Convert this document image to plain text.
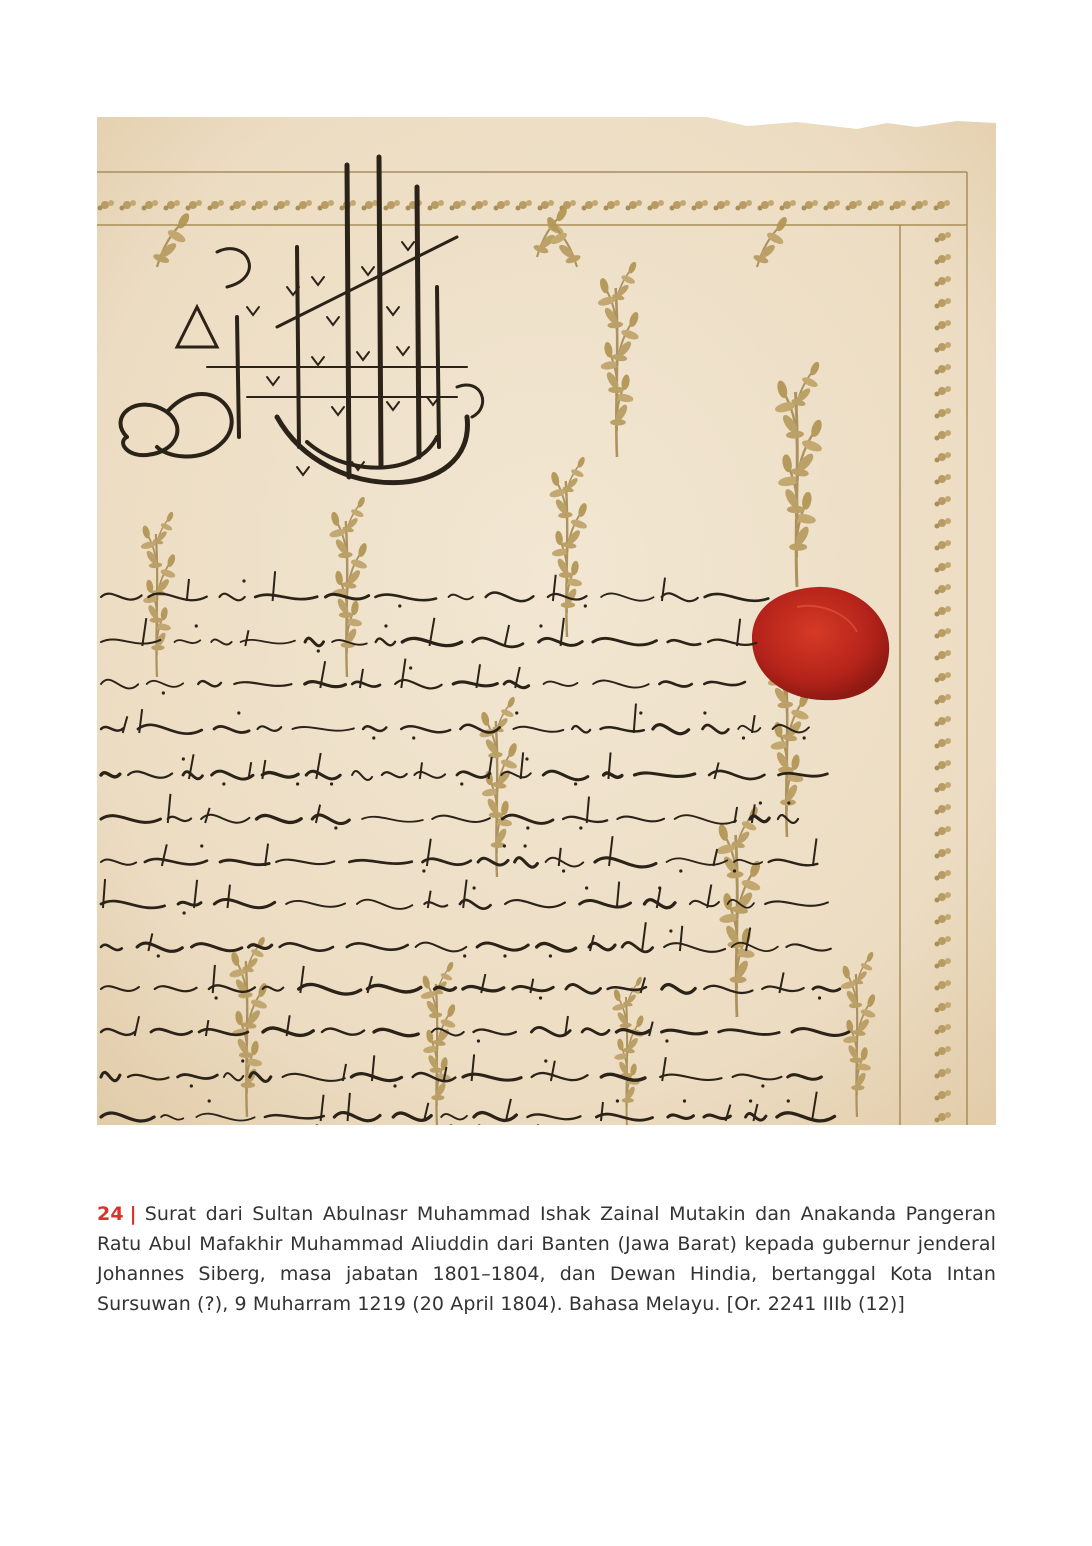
24 | Surat dari Sultan Abulnasr Muhammad Ishak Zainal Mutakin dan Anakanda Pangeran Ratu Abul Mafakhir Muhammad Aliuddin dari Banten (Jawa Barat) kepada gubernur jenderal Johannes Siberg, masa jabatan 1801–1804, dan Dewan Hindia, bertanggal Kota Intan Sursuwan (?), 9 Muharram 1219 (20 April 1804). Bahasa Melayu. [Or. 2241 IIIb (12)]
